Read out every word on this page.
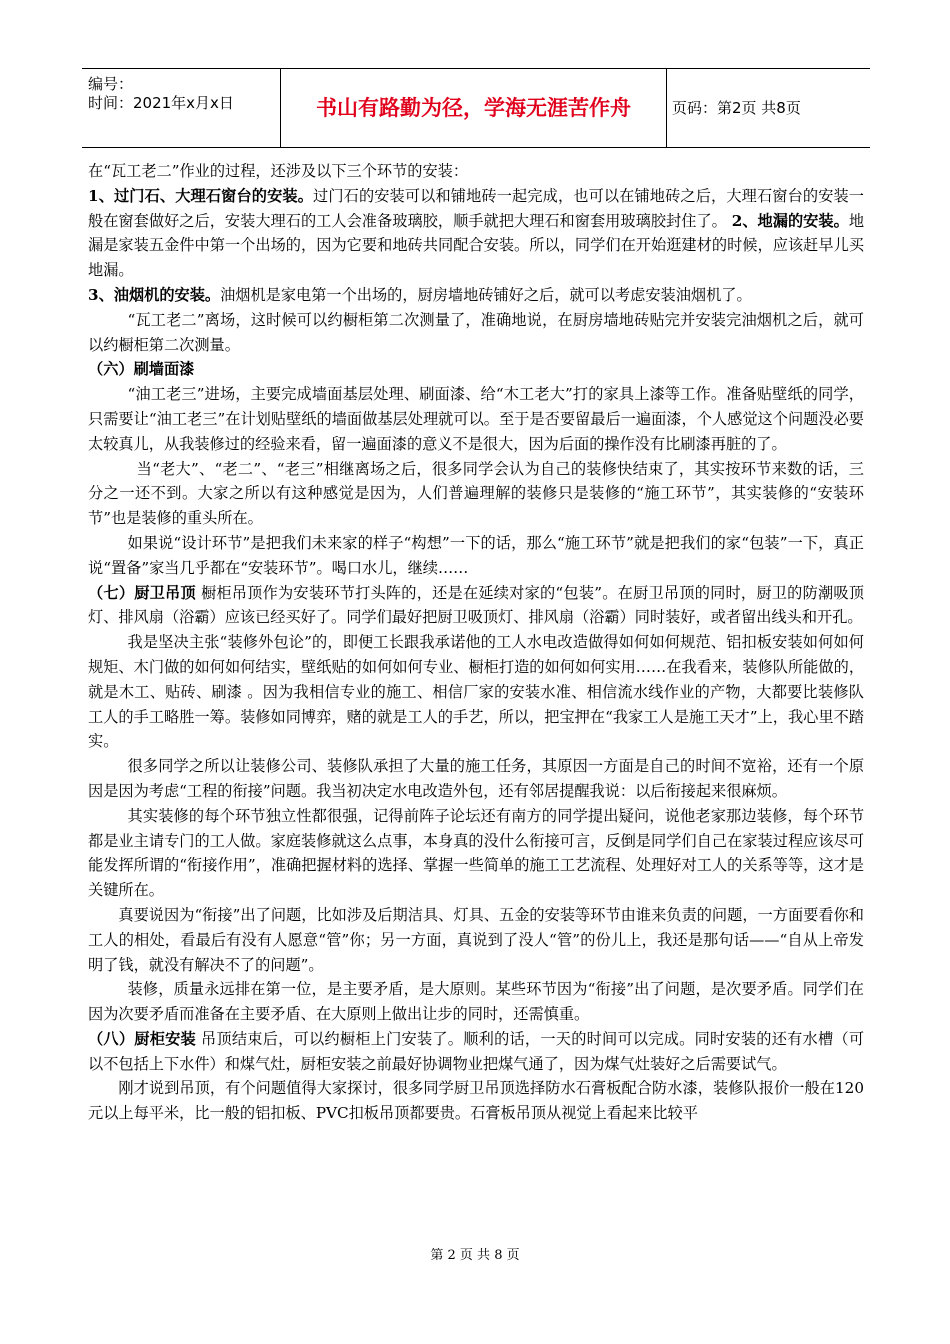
编号：
时间：2021年x月x日	书山有路勤为径，学海无涯苦作舟	页码：第2页 共8页

在“瓦工老二”作业的过程，还涉及以下三个环节的安装：

1、过门石、大理石窗台的安装。过门石的安装可以和铺地砖一起完成，也可以在铺地砖之后，大理石窗台的安装一般在窗套做好之后，安装大理石的工人会准备玻璃胶，顺手就把大理石和窗套用玻璃胶封住了。 2、地漏的安装。地漏是家装五金件中第一个出场的，因为它要和地砖共同配合安装。所以，同学们在开始逛建材的时候，应该赶早儿买地漏。

3、油烟机的安装。油烟机是家电第一个出场的，厨房墙地砖铺好之后，就可以考虑安装油烟机了。

“瓦工老二”离场，这时候可以约橱柜第二次测量了，准确地说，在厨房墙地砖贴完并安装完油烟机之后，就可以约橱柜第二次测量。

（六）刷墙面漆

“油工老三”进场，主要完成墙面基层处理、刷面漆、给“木工老大”打的家具上漆等工作。准备贴壁纸的同学，只需要让“油工老三”在计划贴壁纸的墙面做基层处理就可以。至于是否要留最后一遍面漆，个人感觉这个问题没必要太较真儿，从我装修过的经验来看，留一遍面漆的意义不是很大，因为后面的操作没有比刷漆再脏的了。

当“老大”、“老二”、“老三”相继离场之后，很多同学会认为自己的装修快结束了，其实按环节来数的话，三分之一还不到。大家之所以有这种感觉是因为，人们普遍理解的装修只是装修的“施工环节”，其实装修的“安装环节”也是装修的重头所在。

如果说“设计环节”是把我们未来家的样子“构想”一下的话，那么“施工环节”就是把我们的家“包装”一下，真正说“置备”家当几乎都在“安装环节”。喝口水儿，继续……

（七）厨卫吊顶 橱柜吊顶作为安装环节打头阵的，还是在延续对家的“包装”。在厨卫吊顶的同时，厨卫的防潮吸顶灯、排风扇（浴霸）应该已经买好了。同学们最好把厨卫吸顶灯、排风扇（浴霸）同时装好，或者留出线头和开孔。

我是坚决主张“装修外包论”的，即便工长跟我承诺他的工人水电改造做得如何如何规范、铝扣板安装如何如何规矩、木门做的如何如何结实，壁纸贴的如何如何专业、橱柜打造的如何如何实用……在我看来，装修队所能做的，就是木工、贴砖、刷漆 。因为我相信专业的施工、相信厂家的安装水准、相信流水线作业的产物，大都要比装修队工人的手工略胜一筹。装修如同博弈，赌的就是工人的手艺，所以，把宝押在“我家工人是施工天才”上，我心里不踏实。

很多同学之所以让装修公司、装修队承担了大量的施工任务，其原因一方面是自己的时间不宽裕，还有一个原因是因为考虑“工程的衔接”问题。我当初决定水电改造外包，还有邻居提醒我说：以后衔接起来很麻烦。

其实装修的每个环节独立性都很强，记得前阵子论坛还有南方的同学提出疑问，说他老家那边装修，每个环节都是业主请专门的工人做。家庭装修就这么点事，本身真的没什么衔接可言，反倒是同学们自己在家装过程应该尽可能发挥所谓的“衔接作用”，准确把握材料的选择、掌握一些简单的施工工艺流程、处理好对工人的关系等等，这才是关键所在。

真要说因为“衔接”出了问题，比如涉及后期洁具、灯具、五金的安装等环节由谁来负责的问题，一方面要看你和工人的相处，看最后有没有人愿意“管”你；另一方面，真说到了没人“管”的份儿上，我还是那句话——“自从上帝发明了钱，就没有解决不了的问题”。

装修，质量永远排在第一位，是主要矛盾，是大原则。某些环节因为“衔接”出了问题，是次要矛盾。同学们在因为次要矛盾而准备在主要矛盾、在大原则上做出让步的同时，还需慎重。

（八）厨柜安装 吊顶结束后，可以约橱柜上门安装了。顺利的话，一天的时间可以完成。同时安装的还有水槽（可以不包括上下水件）和煤气灶，厨柜安装之前最好协调物业把煤气通了，因为煤气灶装好之后需要试气。

刚才说到吊顶，有个问题值得大家探讨，很多同学厨卫吊顶选择防水石膏板配合防水漆，装修队报价一般在120元以上每平米，比一般的铝扣板、PVC扣板吊顶都要贵。石膏板吊顶从视觉上看起来比较平

第 2 页 共 8 页
